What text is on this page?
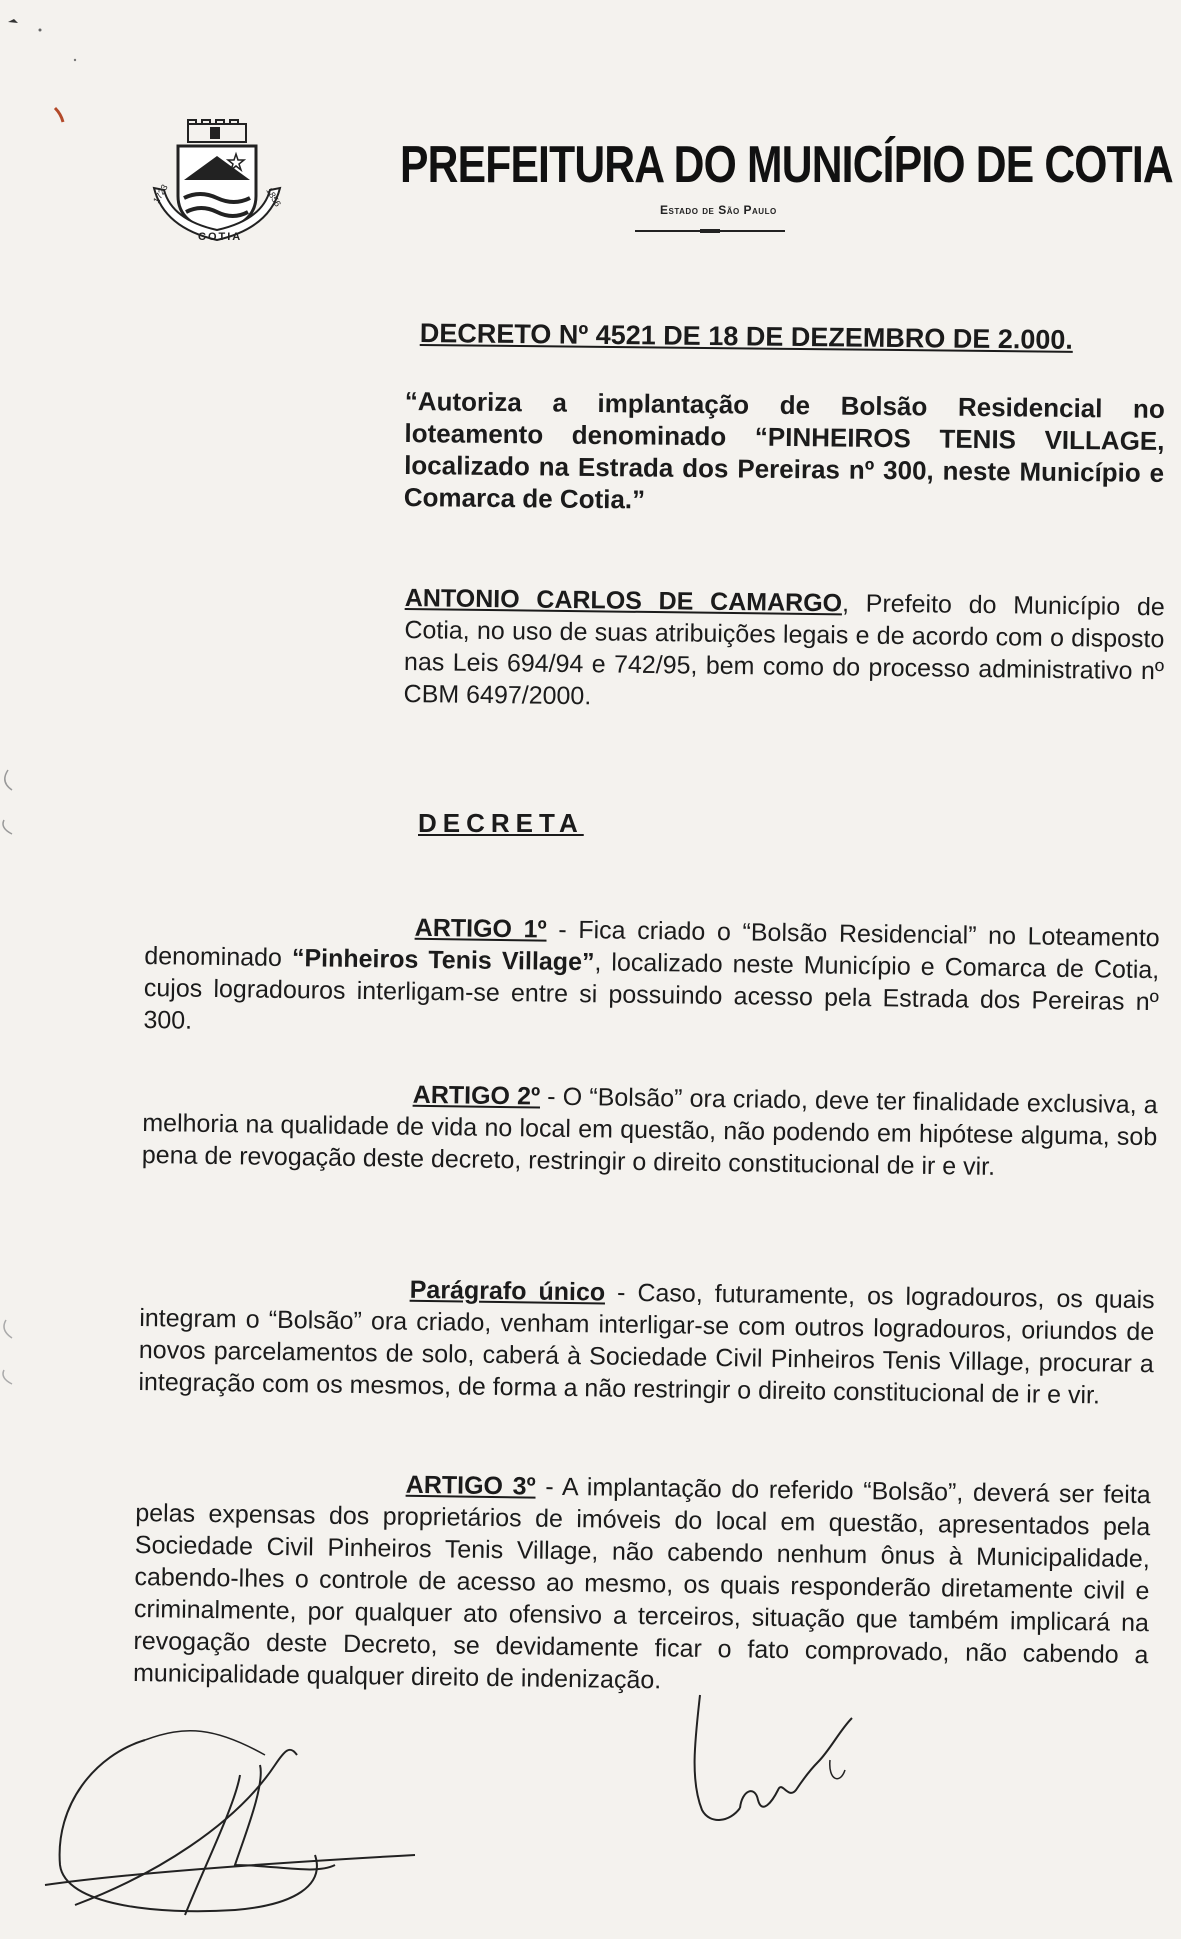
1723	1856
COTIA
PREFEITURA DO MUNICÍPIO DE COTIA
Estado de São Paulo
DECRETO Nº 4521 DE 18 DE DEZEMBRO DE 2.000.
“Autoriza a implantação de Bolsão Residencial no loteamento denominado “PINHEIROS TENIS VILLAGE, localizado na Estrada dos Pereiras nº 300, neste Município e Comarca de Cotia.”
ANTONIO CARLOS DE CAMARGO, Prefeito do Município de Cotia, no uso de suas atribuições legais e de acordo com o disposto nas Leis 694/94 e 742/95, bem como do processo administrativo nº CBM 6497/2000.
DECRETA
ARTIGO 1º - Fica criado o “Bolsão Residencial” no Loteamento denominado “Pinheiros Tenis Village”, localizado neste Município e Comarca de Cotia, cujos logradouros interligam-se entre si possuindo acesso pela Estrada dos Pereiras nº 300.
ARTIGO 2º - O “Bolsão” ora criado, deve ter finalidade exclusiva, a melhoria na qualidade de vida no local em questão, não podendo em hipótese alguma, sob pena de revogação deste decreto, restringir o direito constitucional de ir e vir.
Parágrafo único - Caso, futuramente, os logradouros, os quais integram o “Bolsão” ora criado, venham interligar-se com outros logradouros, oriundos de novos parcelamentos de solo, caberá à Sociedade Civil Pinheiros Tenis Village, procurar a integração com os mesmos, de forma a não restringir o direito constitucional de ir e vir.
ARTIGO 3º - A implantação do referido “Bolsão”, deverá ser feita pelas expensas dos proprietários de imóveis do local em questão, apresentados pela Sociedade Civil Pinheiros Tenis Village, não cabendo nenhum ônus à Municipalidade, cabendo-lhes o controle de acesso ao mesmo, os quais responderão diretamente civil e criminalmente, por qualquer ato ofensivo a terceiros, situação que também implicará na revogação deste Decreto, se devidamente ficar o fato comprovado, não cabendo a municipalidade qualquer direito de indenização.
